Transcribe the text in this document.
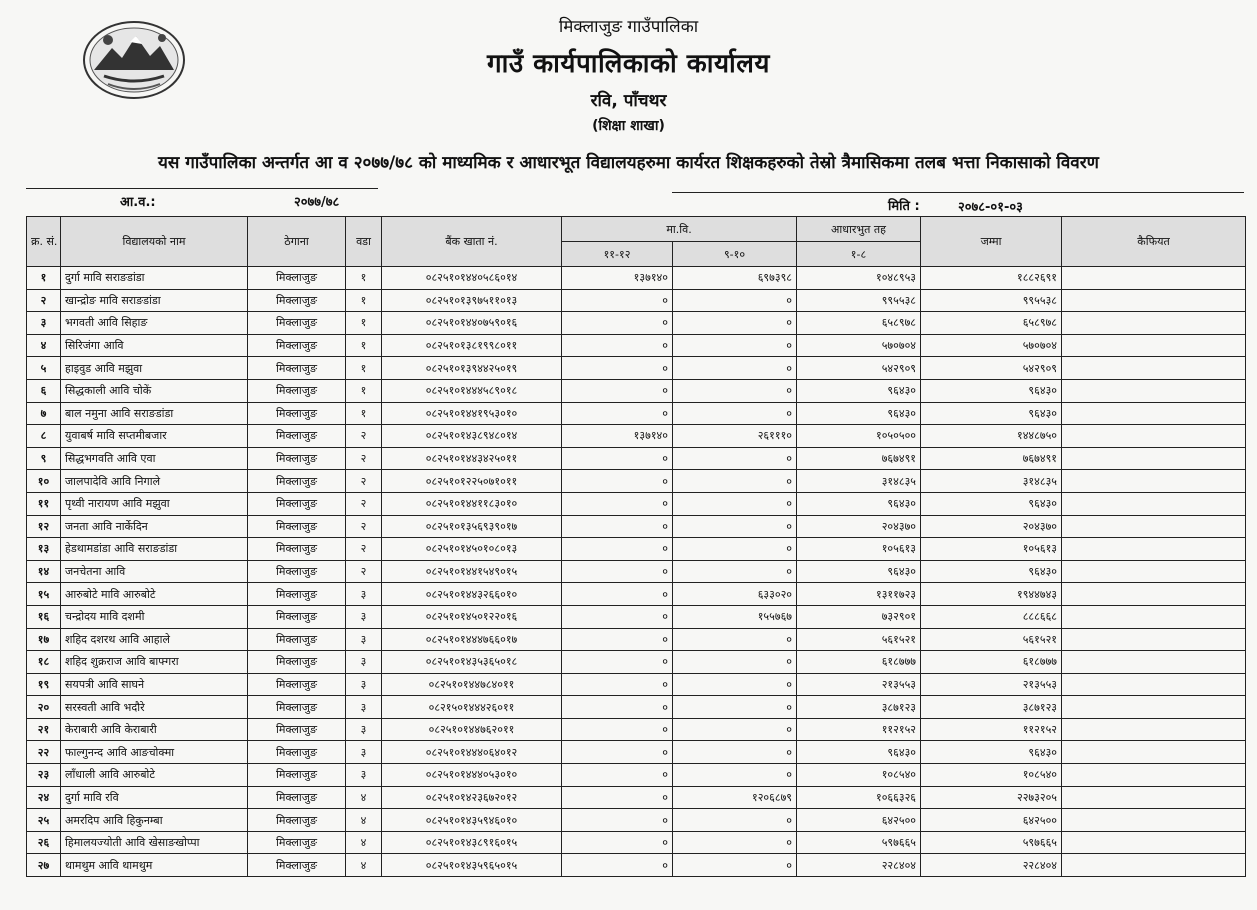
मिक्लाजुङ गाउँपालिका
गाउँ कार्यपालिकाको कार्यालय
रवि, पाँचथर
(शिक्षा शाखा)
यस गाउँपालिका अन्तर्गत आ व २०७७/७८ को माध्यमिक र आधारभूत विद्यालयहरुमा कार्यरत शिक्षकहरुको तेस्रो त्रैमासिकमा तलब भत्ता निकासाको विवरण
आ.व.:	२०७७/७८	मिति :	२०७८-०१-०३
क्र. सं.	विद्यालयको नाम	ठेगाना	वडा	बैंक खाता नं.	मा.वि.		आधारभुत तह	जम्मा	कैफियत
					११-१२	९-१०	१-८		
१	दुर्गा मावि सराङडांडा	मिक्लाजुङ	१	०८२५१०१४४०५८६०१४	१३७१४०	६९७३९८	१०४८९५३	१८८२६९१	
२	खान्द्रोङ मावि सराङडांडा	मिक्लाजुङ	१	०८२५१०१३९७५११०१३	०	०	९९५५३८	९९५५३८	
३	भगवती आवि सिहाङ	मिक्लाजुङ	१	०८२५१०१४४०७५९०१६	०	०	६५८९७८	६५८९७८	
४	सिरिजंगा आवि	मिक्लाजुङ	१	०८२५१०१३८१९९८०११	०	०	५७०७०४	५७०७०४	
५	हाइवुड आवि मझुवा	मिक्लाजुङ	१	०८२५१०१३९४४२५०१९	०	०	५४२९०९	५४२९०९	
६	सिद्धकाली आवि चोकें	मिक्लाजुङ	१	०८२५१०१४४४५८९०१८	०	०	९६४३०	९६४३०	
७	बाल नमुना आवि सराङडांडा	मिक्लाजुङ	१	०८२५१०१४४१९५३०१०	०	०	९६४३०	९६४३०	
८	युवाबर्ष मावि सप्तमीबजार	मिक्लाजुङ	२	०८२५१०१४३८९४८०१४	१३७१४०	२६१११०	१०५०५००	१४४८७५०	
९	सिद्धभगवति आवि एवा	मिक्लाजुङ	२	०८२५१०१४४३४२५०११	०	०	७६७४९१	७६७४९१	
१०	जालपादेवि आवि निगाले	मिक्लाजुङ	२	०८२५१०१२२५०७१०११	०	०	३१४८३५	३१४८३५	
११	पृथ्वी नारायण आवि मझुवा	मिक्लाजुङ	२	०८२५१०१४४११८३०१०	०	०	९६४३०	९६४३०	
१२	जनता आवि नार्केदिन	मिक्लाजुङ	२	०८२५१०१३५६९३९०१७	०	०	२०४३७०	२०४३७०	
१३	हेडथामडांडा आवि सराङडांडा	मिक्लाजुङ	२	०८२५१०१४५०१०८०१३	०	०	१०५६१३	१०५६१३	
१४	जनचेतना आवि	मिक्लाजुङ	२	०८२५१०१४४१५४९०१५	०	०	९६४३०	९६४३०	
१५	आरुबोटे मावि आरुबोटे	मिक्लाजुङ	३	०८२५१०१४४३२६६०१०	०	६३३०२०	१३११७२३	१९४४७४३	
१६	चन्द्रोदय मावि दशमी	मिक्लाजुङ	३	०८२५१०१४५०१२२०१६	०	१५५७६७	७३२९०१	८८८६६८	
१७	शहिद दशरथ आवि आहाले	मिक्लाजुङ	३	०८२५१०१४४४७६६०१७	०	०	५६१५२१	५६१५२१	
१८	शहिद शुक्रराज आवि बाफ्गरा	मिक्लाजुङ	३	०८२५१०१४३५३६५०१८	०	०	६१८७७७	६१८७७७	
१९	सयपत्री आवि साघने	मिक्लाजुङ	३	०८२५१०१४४७८४०११	०	०	२१३५५३	२१३५५३	
२०	सरस्वती आवि भदौरे	मिक्लाजुङ	३	०८२१५०१४४४२६०११	०	०	३८७१२३	३८७१२३	
२१	केराबारी आवि केराबारी	मिक्लाजुङ	३	०८२५१०१४४७६२०११	०	०	११२१५२	११२१५२	
२२	फाल्गुनन्द आवि आङचोक्मा	मिक्लाजुङ	३	०८२५१०१४४४०६४०१२	०	०	९६४३०	९६४३०	
२३	लाँधाली आवि आरुबोटे	मिक्लाजुङ	३	०८२५१०१४४४०५३०१०	०	०	१०८५४०	१०८५४०	
२४	दुर्गा मावि रवि	मिक्लाजुङ	४	०८२५१०१४२३६७२०१२	०	१२०६८७९	१०६६३२६	२२७३२०५	
२५	अमरदिप आवि हिकुनम्बा	मिक्लाजुङ	४	०८२५१०१४३५९४६०१०	०	०	६४२५००	६४२५००	
२६	हिमालयज्योती आवि खेसाङखोप्पा	मिक्लाजुङ	४	०८२५१०१४३८९१६०१५	०	०	५९७६६५	५९७६६५	
२७	थामथुम आवि थामथुम	मिक्लाजुङ	४	०८२५१०१४३५९६५०१५	०	०	२२८४०४	२२८४०४	
